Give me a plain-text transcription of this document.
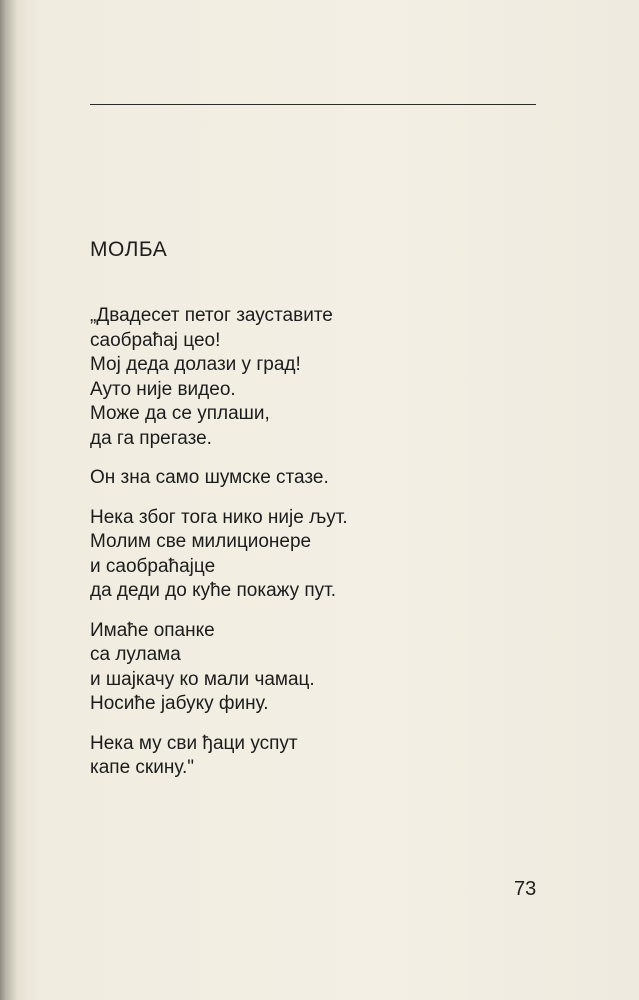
МОЛБА
„Двадесет петог зауставите
саобраћај цео!
Мој деда долази у град!
Ауто није видео.
Може да се уплаши,
да га прегазе.
Он зна само шумске стазе.
Нека због тога нико није љут.
Молим све милиционере
и саобраћајце
да деди до куће покажу пут.
Имаће опанке
са лулама
и шајкачу ко мали чамац.
Носиће јабуку фину.
Нека му сви ђаци успут
капе скину."
73
